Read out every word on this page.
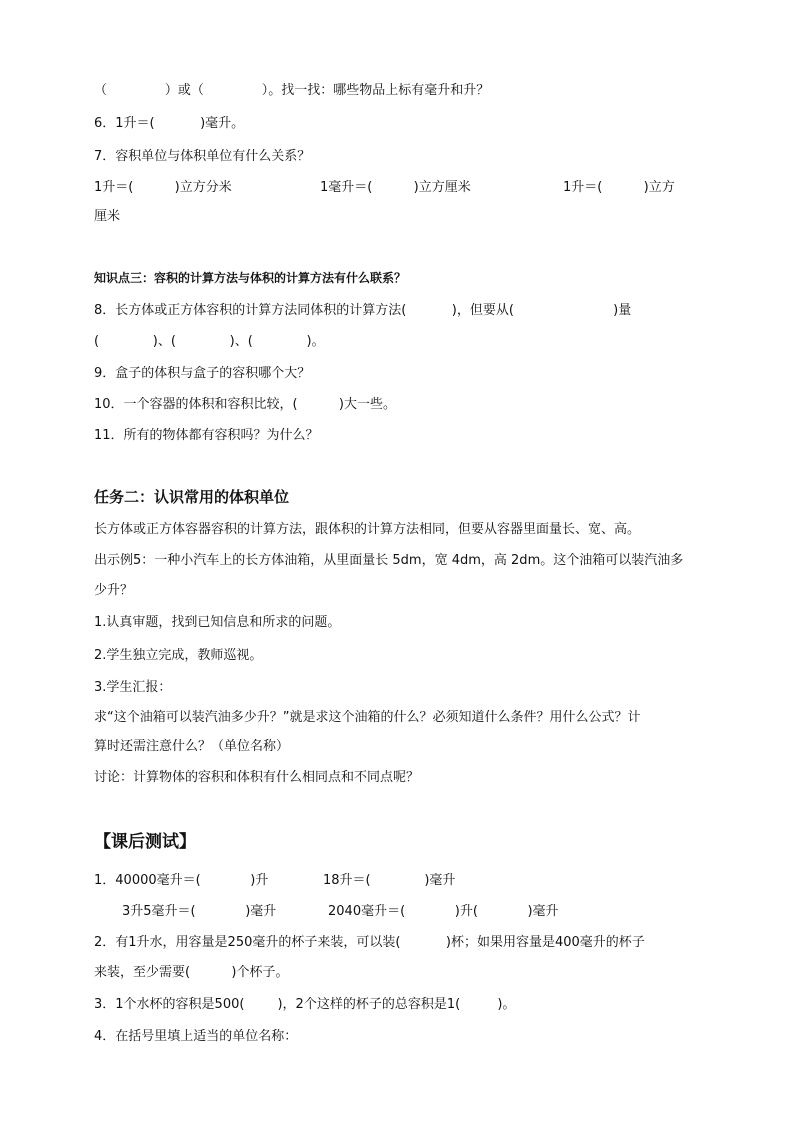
（              ）或（              ）。找一找：哪些物品上标有毫升和升？
6．1升＝(           )毫升。
7．容积单位与体积单位有什么关系？
1升＝(          )立方分米	1毫升＝(          )立方厘米	1升＝(          )立方
厘米
知识点三：容积的计算方法与体积的计算方法有什么联系？
8．长方体或正方体容积的计算方法同体积的计算方法(           )，但要从(                        )量
(             )、(             )、(             )。
9．盒子的体积与盒子的容积哪个大？
10．一个容器的体积和容积比较，(          )大一些。
11．所有的物体都有容积吗？为什么？
任务二：认识常用的体积单位
长方体或正方体容器容积的计算方法，跟体积的计算方法相同，但要从容器里面量长、宽、高。
出示例5：一种小汽车上的长方体油箱，从里面量长 5dm，宽 4dm，高 2dm。这个油箱可以装汽油多
少升？
1.认真审题，找到已知信息和所求的问题。
2.学生独立完成，教师巡视。
3.学生汇报：
求“这个油箱可以装汽油多少升？”就是求这个油箱的什么？必须知道什么条件？用什么公式？计
算时还需注意什么？（单位名称）
讨论：计算物体的容积和体积有什么相同点和不同点呢？
【课后测试】
1．40000毫升＝(            )升	18升＝(             )毫升
3升5毫升＝(            )毫升	2040毫升＝(            )升(            )毫升
2．有1升水，用容量是250毫升的杯子来装，可以装(           )杯；如果用容量是400毫升的杯子
来装，至少需要(          )个杯子。
3．1个水杯的容积是500(        )，2个这样的杯子的总容积是1(         )。
4．在括号里填上适当的单位名称：
